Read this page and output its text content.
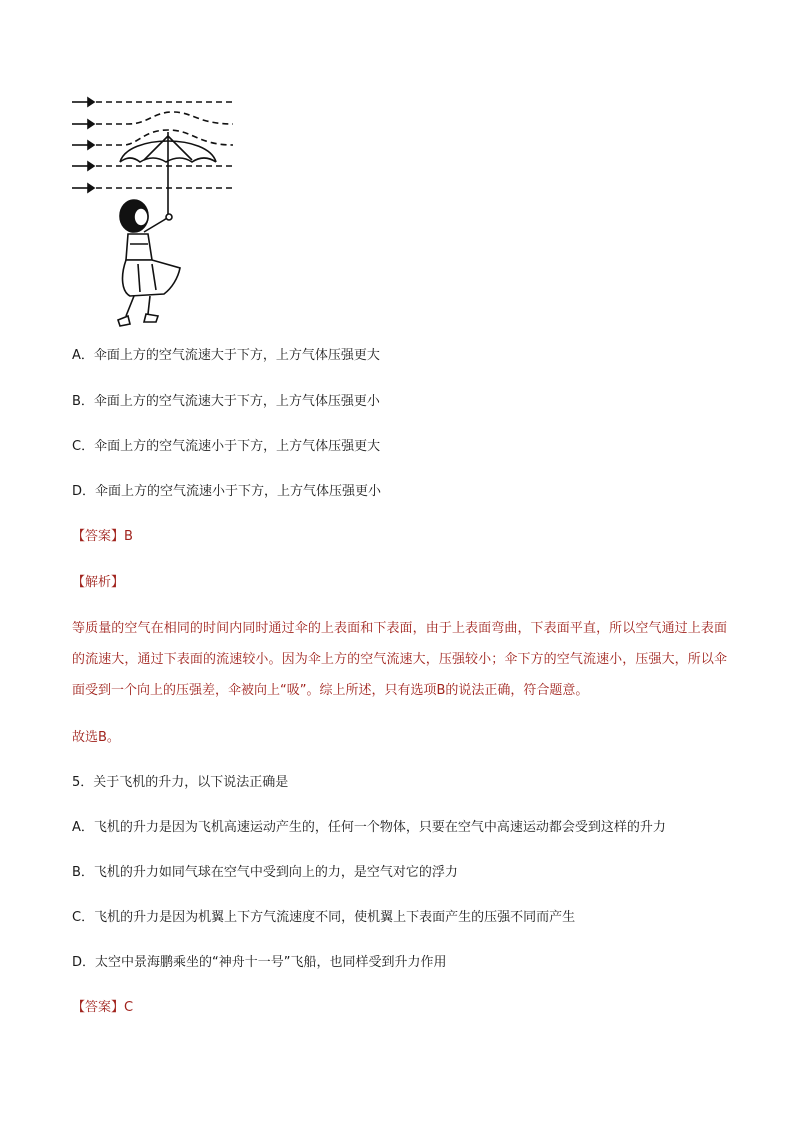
A．伞面上方的空气流速大于下方，上方气体压强更大
B．伞面上方的空气流速大于下方，上方气体压强更小
C．伞面上方的空气流速小于下方，上方气体压强更大
D．伞面上方的空气流速小于下方，上方气体压强更小
【答案】B
【解析】
等质量的空气在相同的时间内同时通过伞的上表面和下表面，由于上表面弯曲，下表面平直，所以空气通过上表面的流速大，通过下表面的流速较小。因为伞上方的空气流速大，压强较小；伞下方的空气流速小，压强大，所以伞面受到一个向上的压强差，伞被向上“吸”。综上所述，只有选项B的说法正确，符合题意。
故选B。
5．关于飞机的升力，以下说法正确是
A．飞机的升力是因为飞机高速运动产生的，任何一个物体，只要在空气中高速运动都会受到这样的升力
B．飞机的升力如同气球在空气中受到向上的力，是空气对它的浮力
C．飞机的升力是因为机翼上下方气流速度不同，使机翼上下表面产生的压强不同而产生
D．太空中景海鹏乘坐的“神舟十一号”飞船，也同样受到升力作用
【答案】C
